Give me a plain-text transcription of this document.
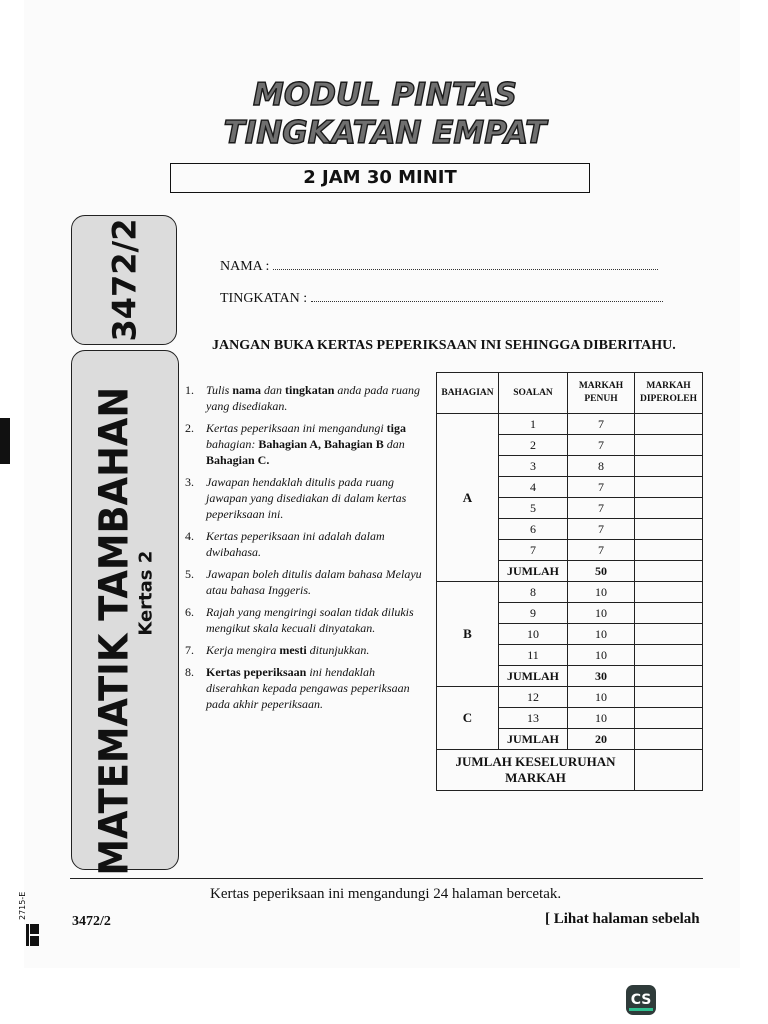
MODUL PINTAS
TINGKATAN EMPAT
2 JAM 30 MINIT
3472/2
MATEMATIK TAMBAHAN
Kertas 2
NAMA :
TINGKATAN :
JANGAN BUKA KERTAS PEPERIKSAAN INI SEHINGGA DIBERITAHU.
1. Tulis nama dan tingkatan anda pada ruang yang disediakan.
2. Kertas peperiksaan ini mengandungi tiga bahagian: Bahagian A, Bahagian B dan Bahagian C.
3. Jawapan hendaklah ditulis pada ruang jawapan yang disediakan di dalam kertas peperiksaan ini.
4. Kertas peperiksaan ini adalah dalam dwibahasa.
5. Jawapan boleh ditulis dalam bahasa Melayu atau bahasa Inggeris.
6. Rajah yang mengiringi soalan tidak dilukis mengikut skala kecuali dinyatakan.
7. Kerja mengira mesti ditunjukkan.
8. Kertas peperiksaan ini hendaklah diserahkan kepada pengawas peperiksaan pada akhir peperiksaan.
BAHAGIAN	SOALAN	MARKAH PENUH	MARKAH DIPEROLEH
A	1	7	
	2	7	
	3	8	
	4	7	
	5	7	
	6	7	
	7	7	
	JUMLAH	50	
B	8	10	
	9	10	
	10	10	
	11	10	
	JUMLAH	30	
C	12	10	
	13	10	
	JUMLAH	20	
JUMLAH KESELURUHAN MARKAH			
Kertas peperiksaan ini mengandungi 24 halaman bercetak.
3472/2	[ Lihat halaman sebelah
2715-E
CS
